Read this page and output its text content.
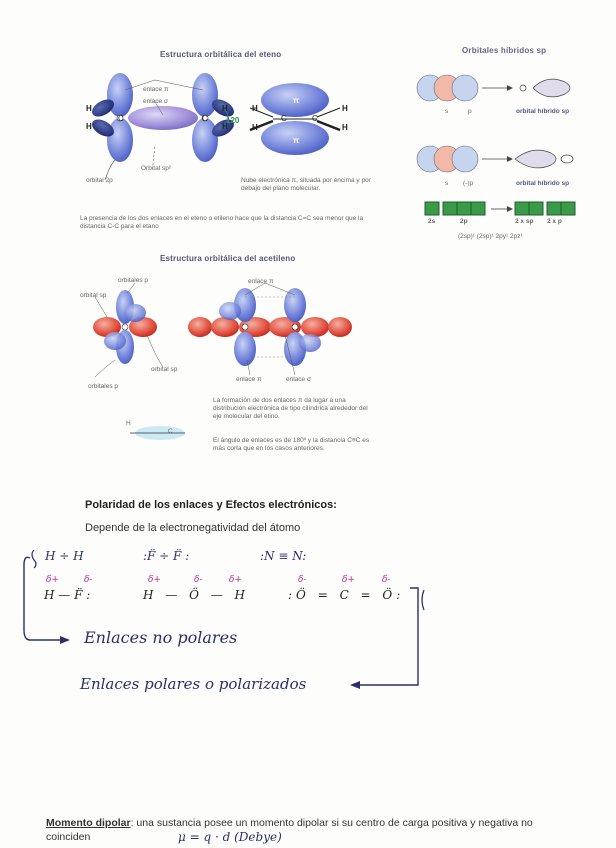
Estructura orbitálica del eteno
enlace π
enlace σ
120
H
H
H
H
C	C
H
H
H
H
C	C
π
π
orbital 2p
Orbital sp²
Nube electrónica π, situada por encima y por debajo del plano molecular.
La presencia de los dos enlaces en el eteno o etileno hace que la distancia C=C sea menor que la distancia C-C para el etano
Orbitales híbridos sp
s	p	orbital híbrido sp
s (-)p	orbital híbrido sp
2s	2p	2 x sp 2 x p
(2sp)¹ (2sp)¹ 2py¹ 2pz¹
Estructura orbitálica del acetileno
orbitales p
orbital sp
orbitales p
orbital sp
enlace π
enlace π	enlace σ
La formación de dos enlaces π da lugar a una distribución electrónica de tipo cilíndrica alrededor del eje molecular del etino.
El ángulo de enlaces es de 180º y la distancia C≡C es más corta que en los casos anteriores.
H
C
Polaridad de los enlaces y Efectos electrónicos:
Depende de la electronegatividad del átomo
H ÷ H	:F̈ ÷ F̈ :	:N ≡ N:
δ+	δ-	δ+	δ-	δ+	δ-	δ+	δ-
H — F̈ :	H — Ö — H	:Ö = C = Ö:
Enlaces no polares
Enlaces polares o polarizados
Momento dipolar: una sustancia posee un momento dipolar si su centro de carga positiva y negativa no coinciden	μ = q · d (Debye)
